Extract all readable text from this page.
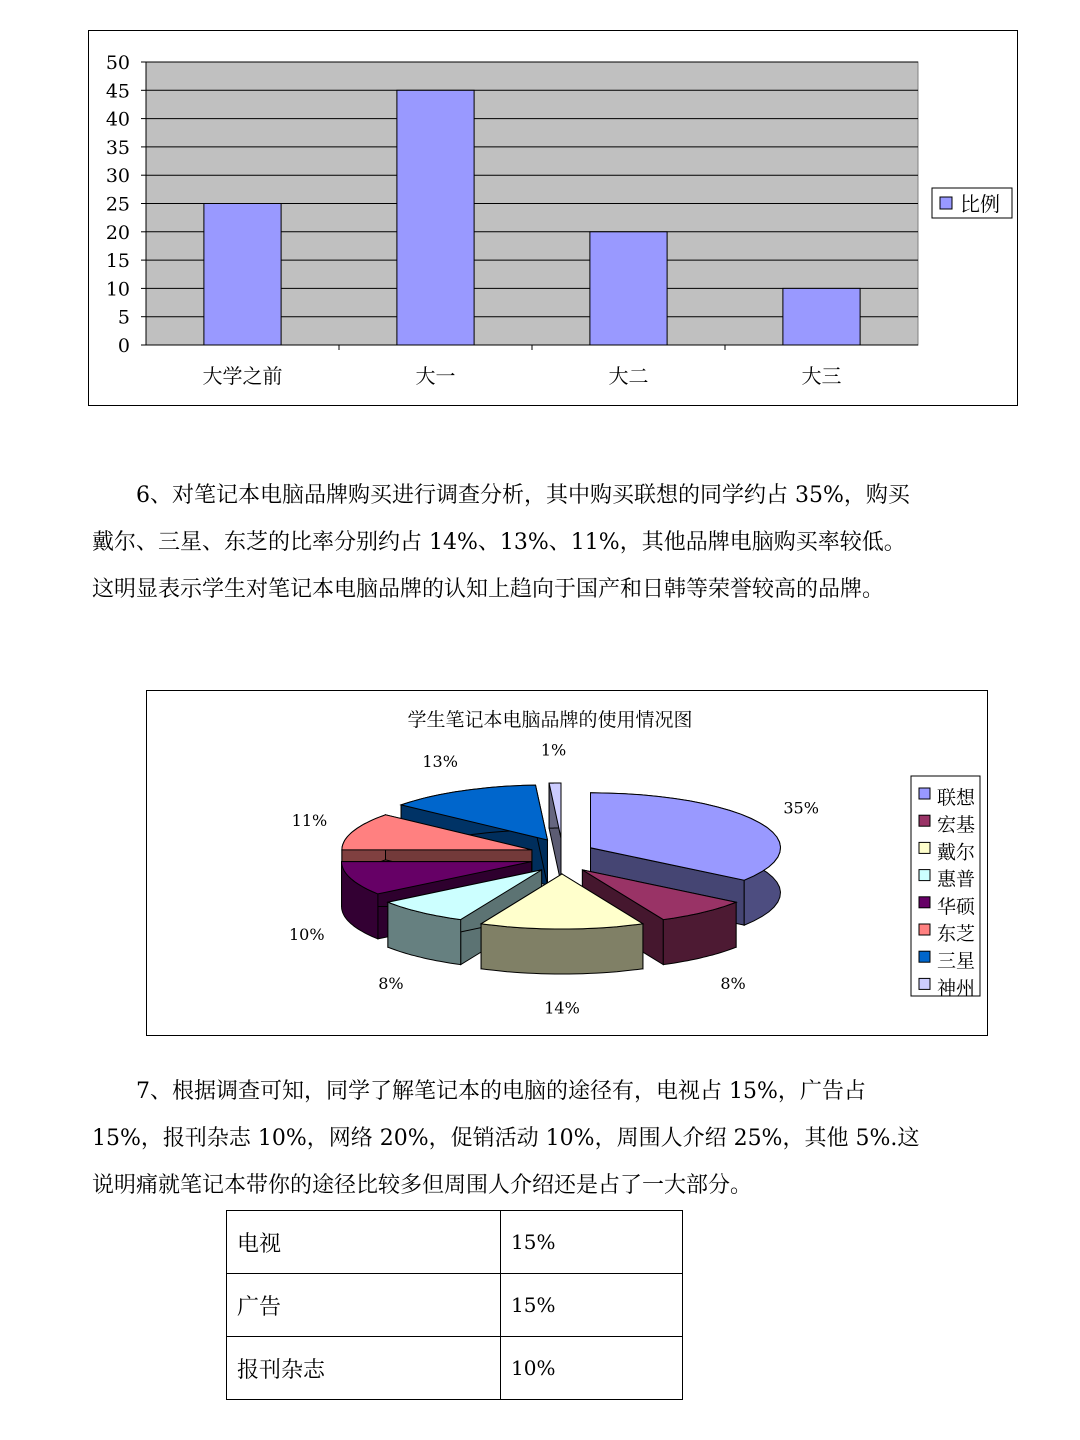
0
5
10
15
20
25
30
35
40
45
50
大学之前	大一	大二	大三
比例

6、对笔记本电脑品牌购买进行调查分析，其中购买联想的同学约占 35%，购买戴尔、三星、东芝的比率分别约占 14%、13%、11%，其他品牌电脑购买率较低。这明显表示学生对笔记本电脑品牌的认知上趋向于国产和日韩等荣誉较高的品牌。

学生笔记本电脑品牌的使用情况图
35%
8%
14%
8%
10%
11%
13%
1%
联想
宏基
戴尔
惠普
华硕
东芝
三星
神州

7、根据调查可知，同学了解笔记本的电脑的途径有，电视占 15%，广告占 15%，报刊杂志 10%，网络 20%，促销活动 10%，周围人介绍 25%，其他 5%.这说明痛就笔记本带你的途径比较多但周围人介绍还是占了一大部分。

电视	15%
广告	15%
报刊杂志	10%
